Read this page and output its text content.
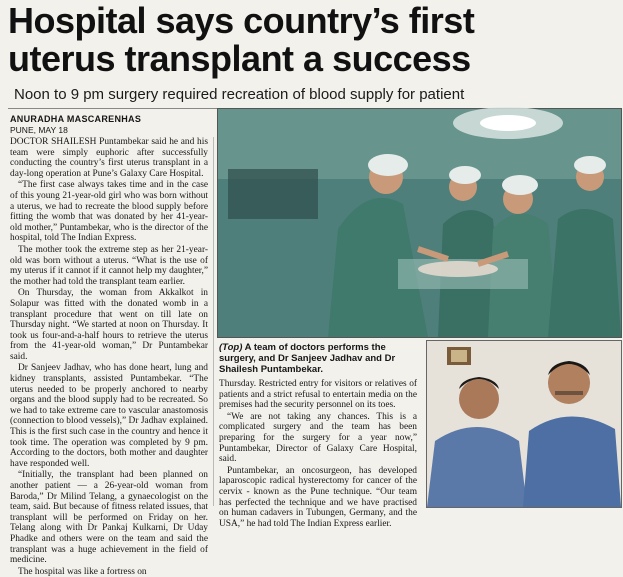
Hospital says country’s first
uterus transplant a success
Noon to 9 pm surgery required recreation of blood supply for patient
ANURADHA MASCARENHAS
PUNE, MAY 18

DOCTOR SHAILESH Puntambekar said he and his team were simply euphoric after successfully conducting the country’s first uterus transplant in a day-long operation at Pune’s Galaxy Care Hospital.

“The first case always takes time and in the case of this young 21-year-old girl who was born without a uterus, we had to recreate the blood supply before fitting the womb that was donated by her 41-year-old mother,” Puntambekar, who is the director of the hospital, told The Indian Express.

The mother took the extreme step as her 21-year-old was born without a uterus. “What is the use of my uterus if it cannot if it cannot help my daughter,” the mother had told the transplant team earlier.

On Thursday, the woman from Akkalkot in Solapur was fitted with the donated womb in a transplant procedure that went on till late on Thursday night. “We started at noon on Thursday. It took us four-and-a-half hours to retrieve the uterus from the 41-year-old woman,” Dr Puntambekar said.

Dr Sanjeev Jadhav, who has done heart, lung and kidney transplants, assisted Puntambekar. “The uterus needed to be properly anchored to nearby organs and the blood supply had to be recreated. So we had to take extreme care to vascular anastomosis (connection to blood vessels),” Dr Jadhav explained. This is the first such case in the country and hence it took time. The operation was completed by 9 pm. According to the doctors, both mother and daughter have responded well.

“Initially, the transplant had been planned on another patient — a 26-year-old woman from Baroda,” Dr Milind Telang, a gynaecologist on the team, said. But because of fitness related issues, that transplant will be performed on Friday on her. Telang along with Dr Pankaj Kulkarni, Dr Uday Phadke and others were on the team and said the transplant was a huge achievement in the field of medicine.

The hospital was like a fortress on

(Top) A team of doctors performs the surgery, and Dr Sanjeev Jadhav and Dr Shailesh Puntambekar.

Thursday. Restricted entry for visitors or relatives of patients and a strict refusal to entertain media on the premises had the security personnel on its toes.

“We are not taking any chances. This is a complicated surgery and the team has been preparing for the surgery for a year now,” Puntambekar, Director of Galaxy Care Hospital, said.

Puntambekar, an oncosurgeon, has developed laparoscopic radical hysterectomy for cancer of the cervix - known as the Pune technique. “Our team has perfected the technique and we have practised on human cadavers in Tubungen, Germany, and the USA,” he had told The Indian Express earlier.
